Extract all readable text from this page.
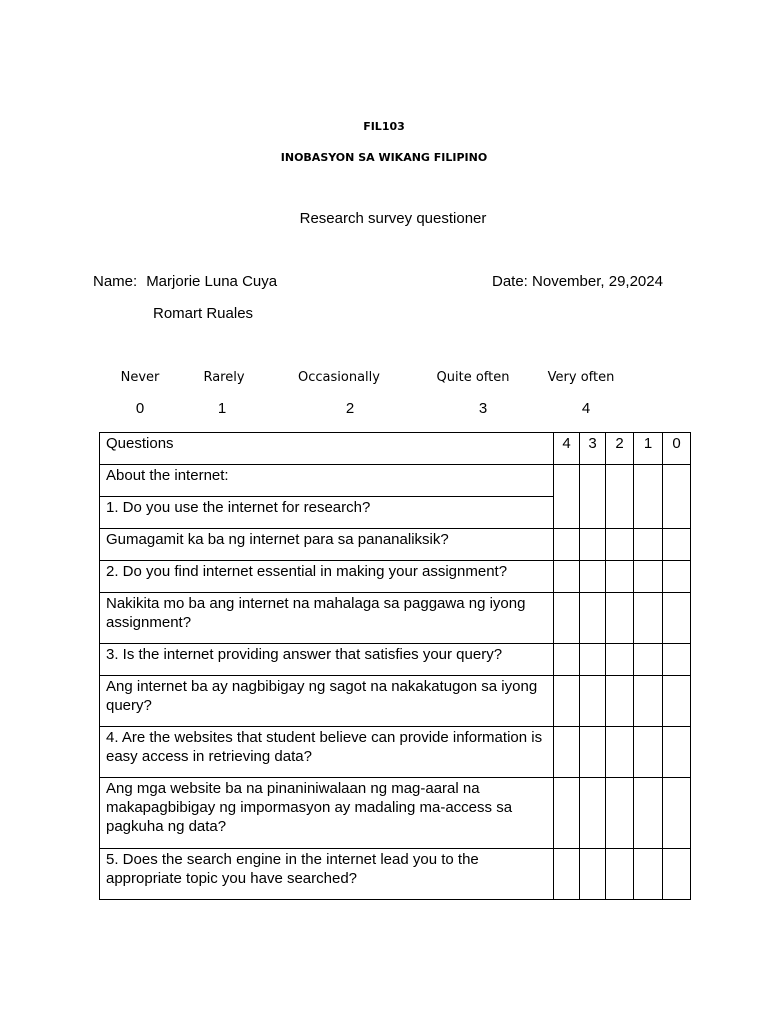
FIL103
INOBASYON SA WIKANG FILIPINO
Research survey questioner
Name: Marjorie Luna Cuya
Romart Ruales
Date: November, 29,2024
Never	Rarely	Occasionally	Quite often	Very often
0	1	2	3	4
Questions	4	3	2	1	0
About the internet:					
1. Do you use the internet for research?					
Gumagamit ka ba ng internet para sa pananaliksik?					
2. Do you find internet essential in making your assignment?					
Nakikita mo ba ang internet na mahalaga sa paggawa ng iyong assignment?					
3. Is the internet providing answer that satisfies your query?					
Ang internet ba ay nagbibigay ng sagot na nakakatugon sa iyong query?					
4. Are the websites that student believe can provide information is easy access in retrieving data?					
Ang mga website ba na pinaniniwalaan ng mag-aaral na makapagbibigay ng impormasyon ay madaling ma-access sa pagkuha ng data?					
5. Does the search engine in the internet lead you to the appropriate topic you have searched?					
